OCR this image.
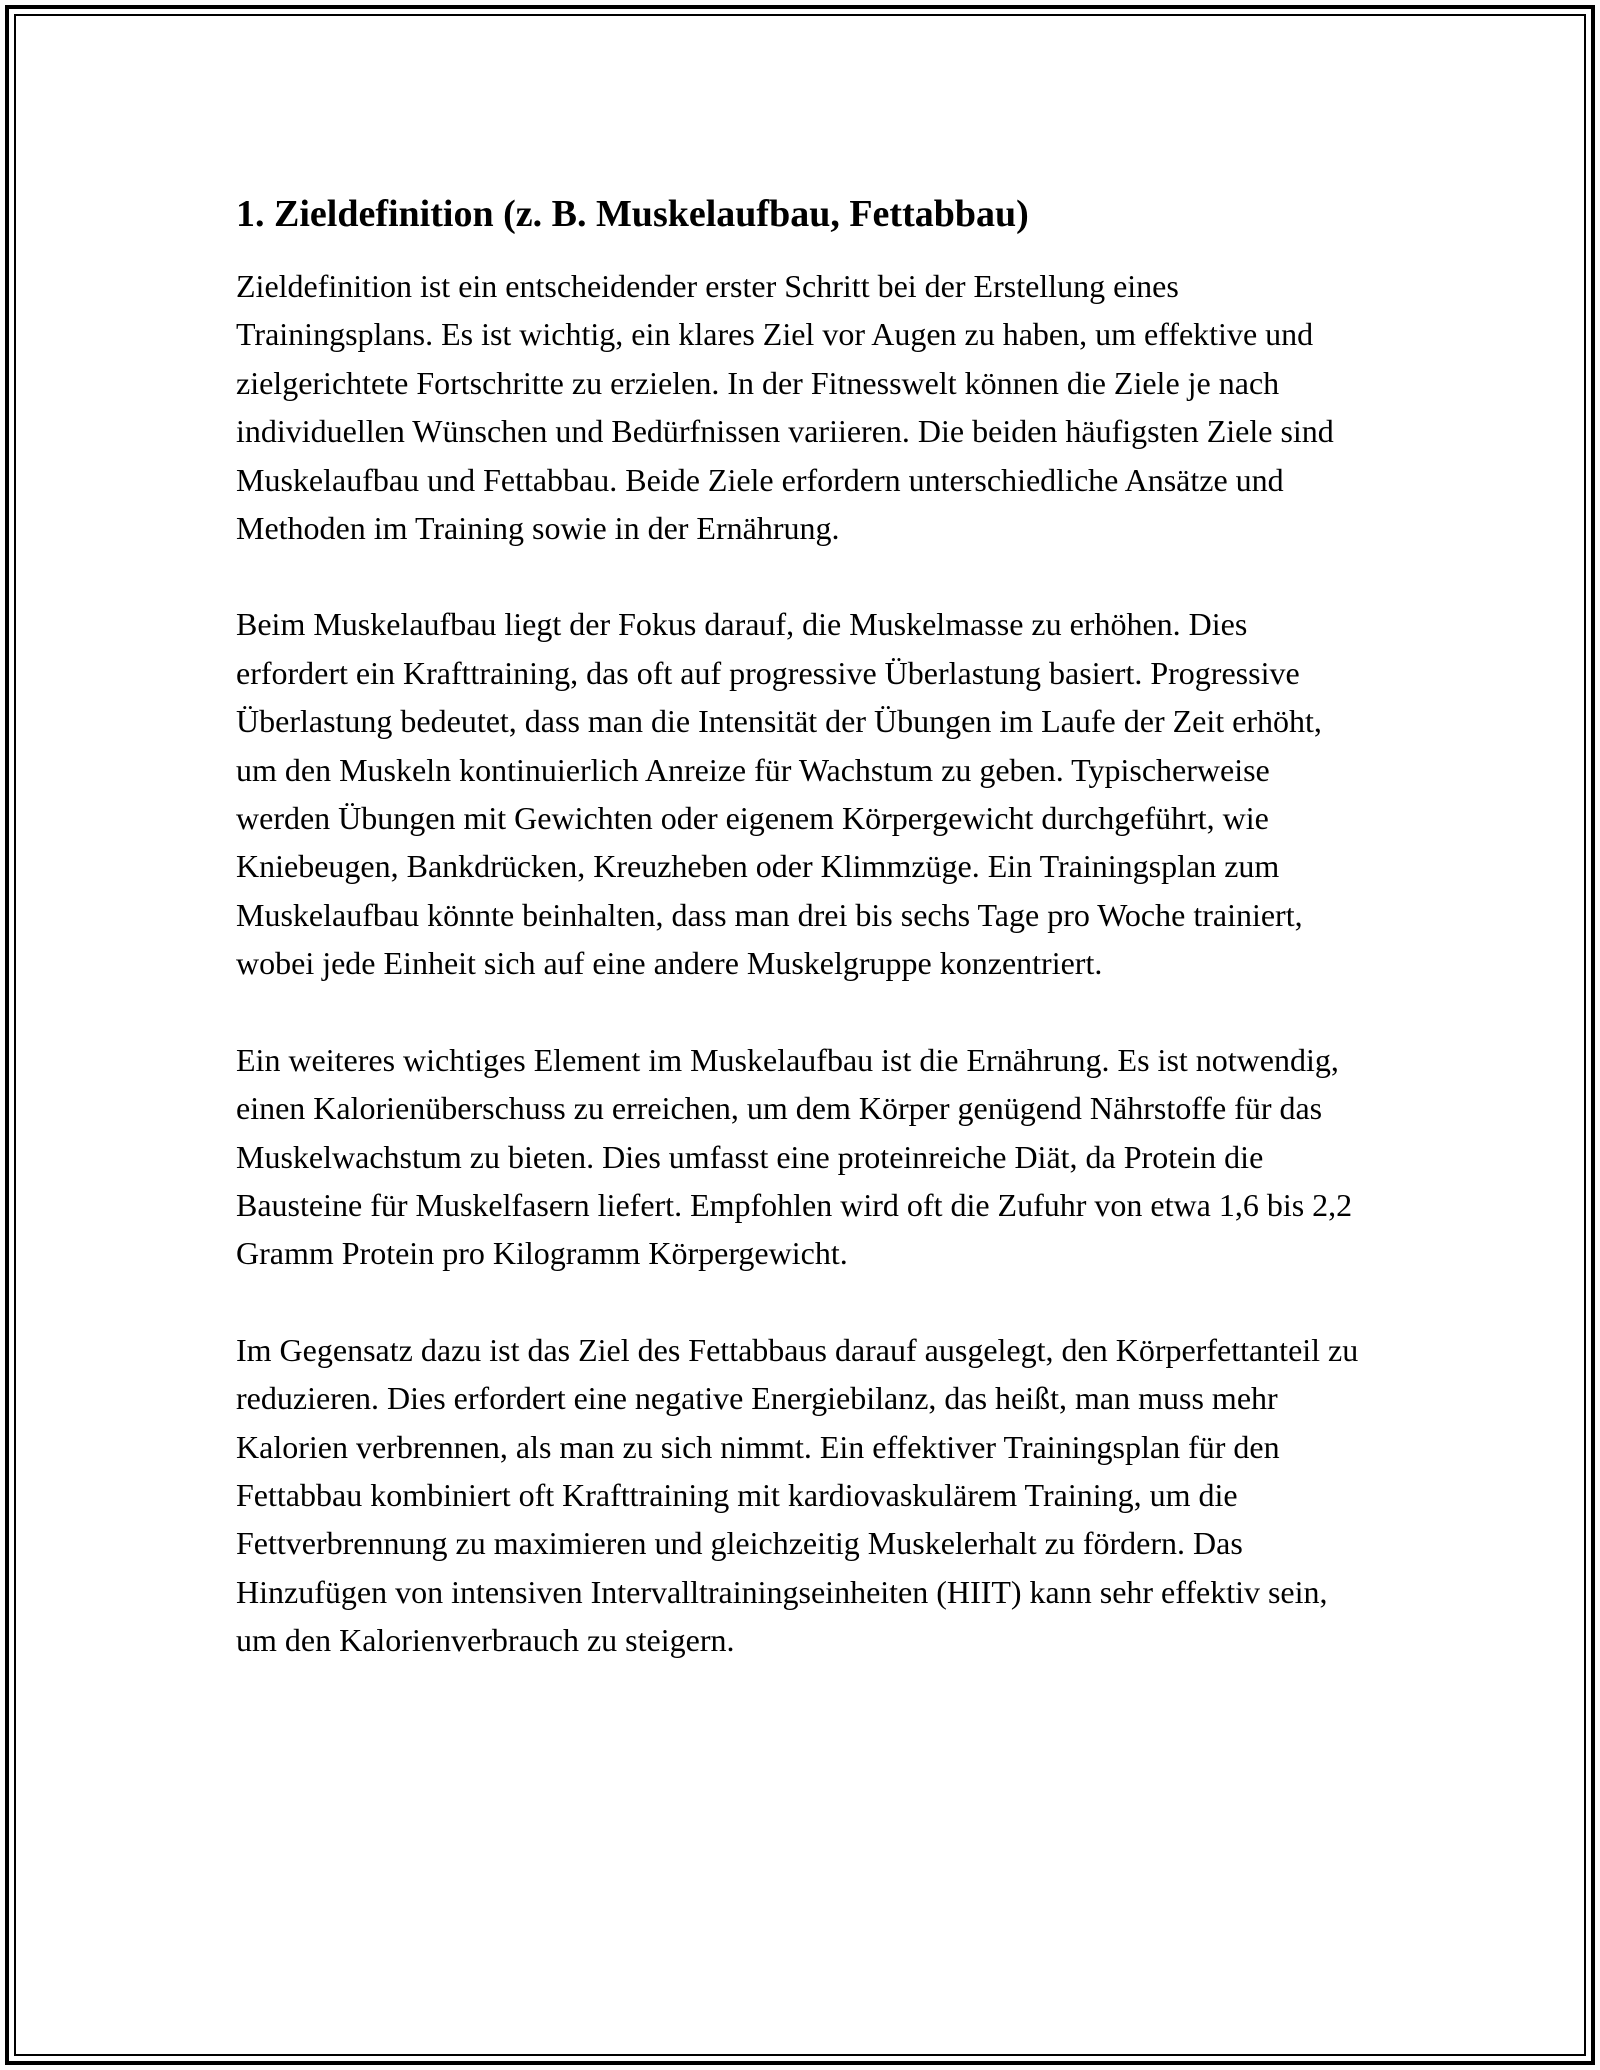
1. Zieldefinition (z. B. Muskelaufbau, Fettabbau)

Zieldefinition ist ein entscheidender erster Schritt bei der Erstellung eines Trainingsplans. Es ist wichtig, ein klares Ziel vor Augen zu haben, um effektive und zielgerichtete Fortschritte zu erzielen. In der Fitnesswelt können die Ziele je nach individuellen Wünschen und Bedürfnissen variieren. Die beiden häufigsten Ziele sind Muskelaufbau und Fettabbau. Beide Ziele erfordern unterschiedliche Ansätze und Methoden im Training sowie in der Ernährung.

Beim Muskelaufbau liegt der Fokus darauf, die Muskelmasse zu erhöhen. Dies erfordert ein Krafttraining, das oft auf progressive Überlastung basiert. Progressive Überlastung bedeutet, dass man die Intensität der Übungen im Laufe der Zeit erhöht, um den Muskeln kontinuierlich Anreize für Wachstum zu geben. Typischerweise werden Übungen mit Gewichten oder eigenem Körpergewicht durchgeführt, wie Kniebeugen, Bankdrücken, Kreuzheben oder Klimmzüge. Ein Trainingsplan zum Muskelaufbau könnte beinhalten, dass man drei bis sechs Tage pro Woche trainiert, wobei jede Einheit sich auf eine andere Muskelgruppe konzentriert.

Ein weiteres wichtiges Element im Muskelaufbau ist die Ernährung. Es ist notwendig, einen Kalorienüberschuss zu erreichen, um dem Körper genügend Nährstoffe für das Muskelwachstum zu bieten. Dies umfasst eine proteinreiche Diät, da Protein die Bausteine für Muskelfasern liefert. Empfohlen wird oft die Zufuhr von etwa 1,6 bis 2,2 Gramm Protein pro Kilogramm Körpergewicht.

Im Gegensatz dazu ist das Ziel des Fettabbaus darauf ausgelegt, den Körperfettanteil zu reduzieren. Dies erfordert eine negative Energiebilanz, das heißt, man muss mehr Kalorien verbrennen, als man zu sich nimmt. Ein effektiver Trainingsplan für den Fettabbau kombiniert oft Krafttraining mit kardiovaskulärem Training, um die Fettverbrennung zu maximieren und gleichzeitig Muskelerhalt zu fördern. Das Hinzufügen von intensiven Intervalltrainingseinheiten (HIIT) kann sehr effektiv sein, um den Kalorienverbrauch zu steigern.
